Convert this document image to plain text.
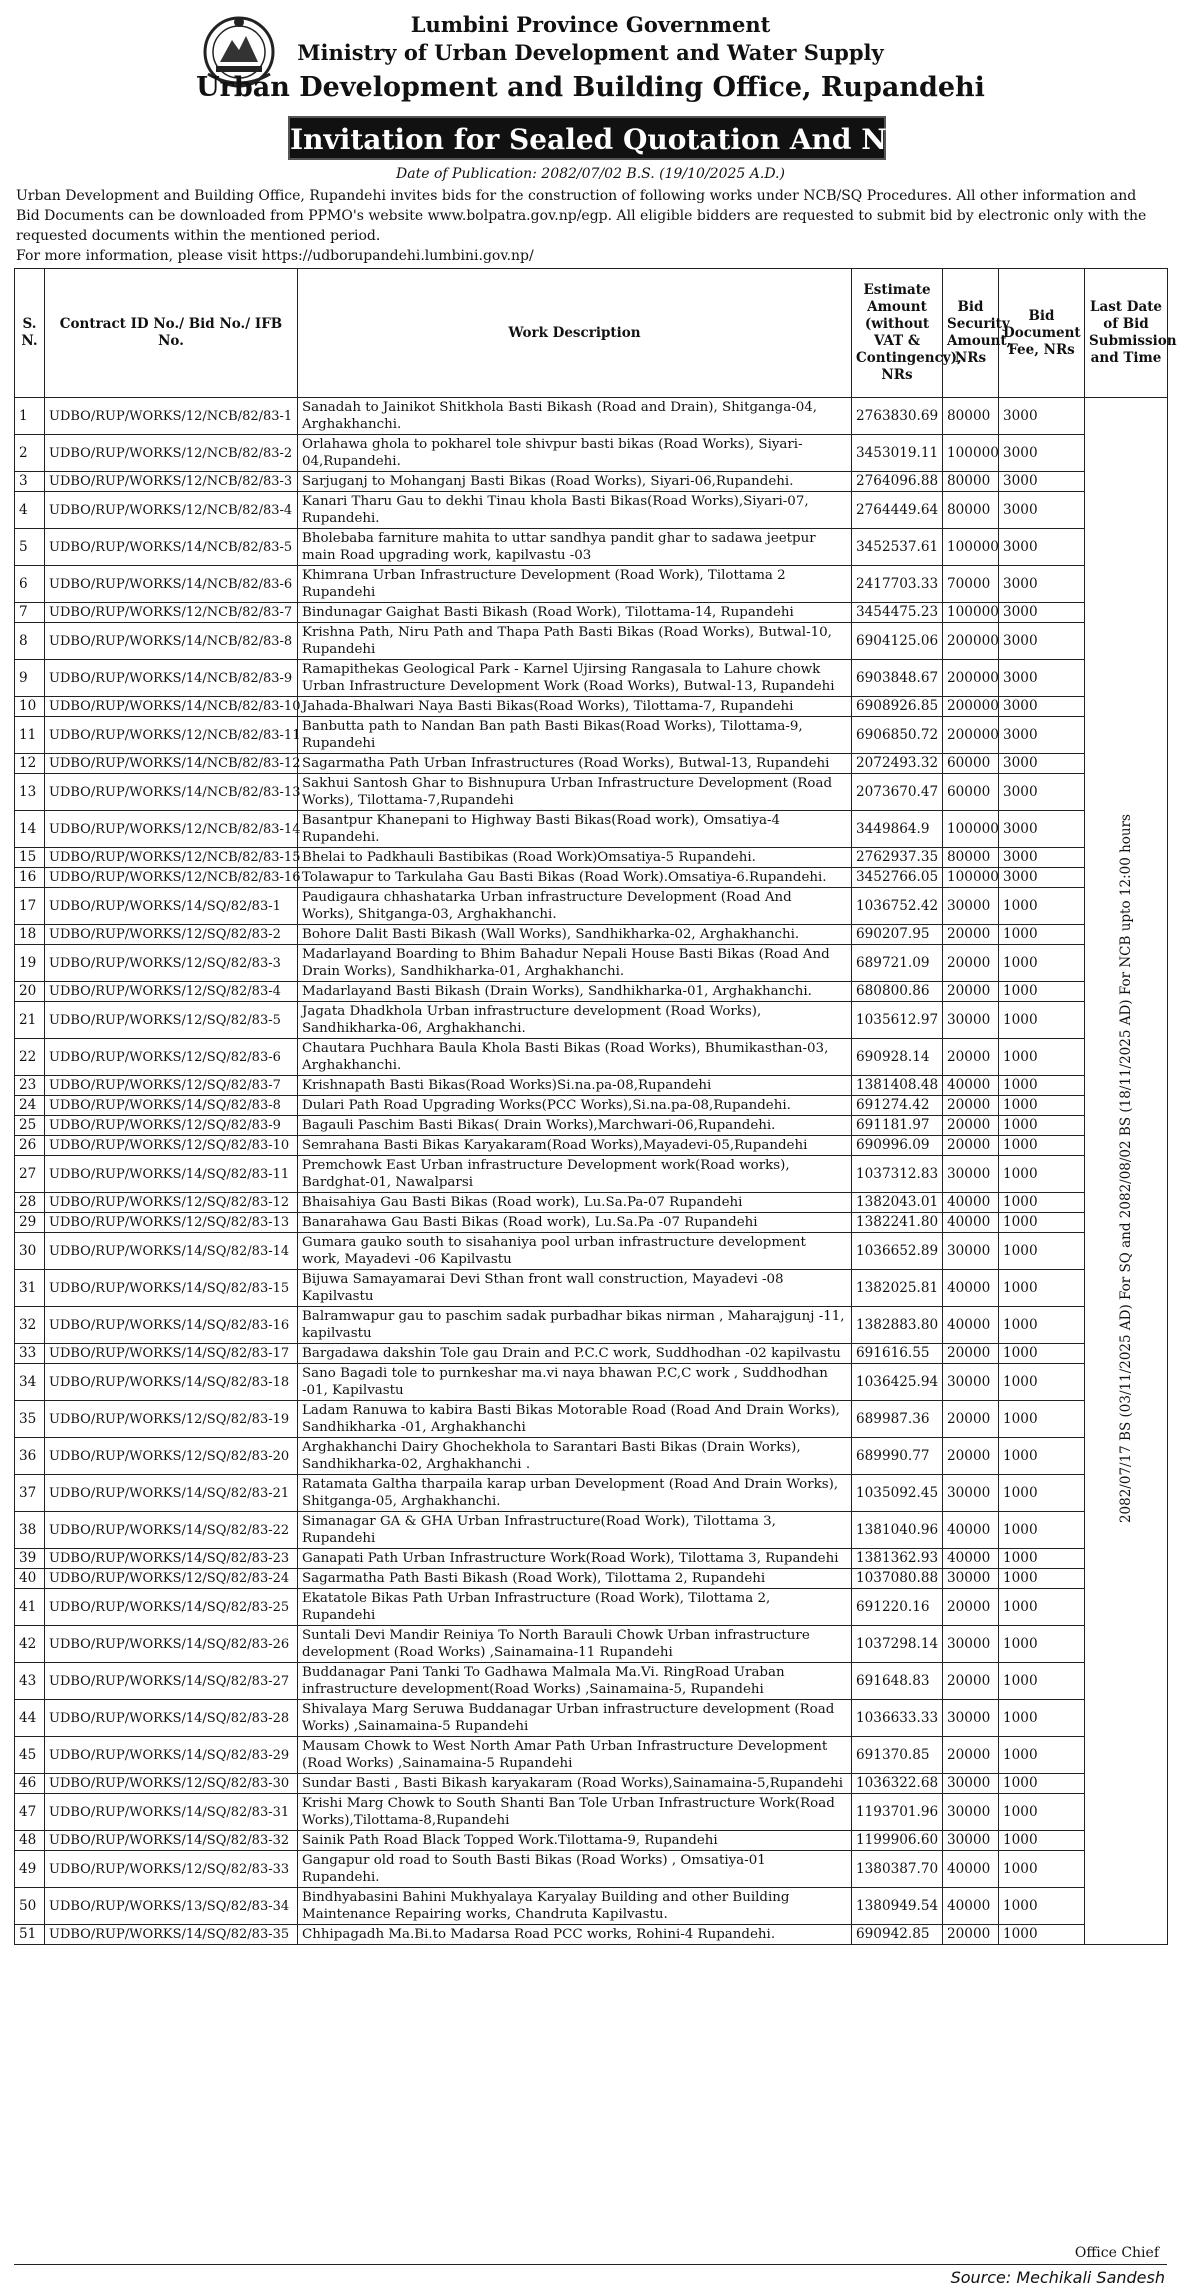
Lumbini Province Government
Ministry of Urban Development and Water Supply
Urban Development and Building Office, Rupandehi
Invitation for Sealed Quotation And NCB
Date of Publication: 2082/07/02 B.S. (19/10/2025 A.D.)

Urban Development and Building Office, Rupandehi invites bids for the construction of following works under NCB/SQ Procedures. All other information and Bid Documents can be downloaded from PPMO's website www.bolpatra.gov.np/egp. All eligible bidders are requested to submit bid by electronic only with the requested documents within the mentioned period.

For more information, please visit https://udborupandehi.lumbini.gov.np/

S. N.	Contract ID No./ Bid No./ IFB No.	Work Description	Estimate Amount (without VAT & Contingency), NRs	Bid Security Amount, NRs	Bid Document Fee, NRs	Last Date of Bid Submission and Time
1	UDBO/RUP/WORKS/12/NCB/82/83-1	Sanadah to Jainikot Shitkhola Basti Bikash (Road and Drain), Shitganga-04, Arghakhanchi.	2763830.69	80000	3000	2082/07/17 BS (03/11/2025 AD) For SQ and 2082/08/02 BS (18/11/2025 AD) For NCB upto 12:00 hours
2	UDBO/RUP/WORKS/12/NCB/82/83-2	Orlahawa ghola to pokharel tole shivpur basti bikas (Road Works), Siyari-04,Rupandehi.	3453019.11	100000	3000	
3	UDBO/RUP/WORKS/12/NCB/82/83-3	Sarjuganj to Mohanganj Basti Bikas (Road Works), Siyari-06,Rupandehi.	2764096.88	80000	3000	
4	UDBO/RUP/WORKS/12/NCB/82/83-4	Kanari Tharu Gau to dekhi Tinau khola Basti Bikas(Road Works),Siyari-07, Rupandehi.	2764449.64	80000	3000	
5	UDBO/RUP/WORKS/14/NCB/82/83-5	Bholebaba farniture mahita to uttar sandhya pandit ghar to sadawa jeetpur main Road upgrading work, kapilvastu -03	3452537.61	100000	3000	
6	UDBO/RUP/WORKS/14/NCB/82/83-6	Khimrana Urban Infrastructure Development (Road Work), Tilottama 2 Rupandehi	2417703.33	70000	3000	
7	UDBO/RUP/WORKS/12/NCB/82/83-7	Bindunagar Gaighat Basti Bikash (Road Work), Tilottama-14, Rupandehi	3454475.23	100000	3000	
8	UDBO/RUP/WORKS/14/NCB/82/83-8	Krishna Path, Niru Path and Thapa Path Basti Bikas (Road Works), Butwal-10, Rupandehi	6904125.06	200000	3000	
9	UDBO/RUP/WORKS/14/NCB/82/83-9	Ramapithekas Geological Park - Karnel Ujirsing Rangasala to Lahure chowk Urban Infrastructure Development Work (Road Works), Butwal-13, Rupandehi	6903848.67	200000	3000	
10	UDBO/RUP/WORKS/14/NCB/82/83-10	Jahada-Bhalwari Naya Basti Bikas(Road Works), Tilottama-7, Rupandehi	6908926.85	200000	3000	
11	UDBO/RUP/WORKS/12/NCB/82/83-11	Banbutta path to Nandan Ban path Basti Bikas(Road Works), Tilottama-9, Rupandehi	6906850.72	200000	3000	
12	UDBO/RUP/WORKS/14/NCB/82/83-12	Sagarmatha Path Urban Infrastructures (Road Works), Butwal-13, Rupandehi	2072493.32	60000	3000	
13	UDBO/RUP/WORKS/14/NCB/82/83-13	Sakhui Santosh Ghar to Bishnupura Urban Infrastructure Development (Road Works), Tilottama-7,Rupandehi	2073670.47	60000	3000	
14	UDBO/RUP/WORKS/12/NCB/82/83-14	Basantpur Khanepani to Highway Basti Bikas(Road work), Omsatiya-4 Rupandehi.	3449864.9	100000	3000	
15	UDBO/RUP/WORKS/12/NCB/82/83-15	Bhelai to Padkhauli Bastibikas (Road Work)Omsatiya-5 Rupandehi.	2762937.35	80000	3000	
16	UDBO/RUP/WORKS/12/NCB/82/83-16	Tolawapur to Tarkulaha Gau Basti Bikas (Road Work).Omsatiya-6.Rupandehi.	3452766.05	100000	3000	
17	UDBO/RUP/WORKS/14/SQ/82/83-1	Paudigaura chhashatarka Urban infrastructure Development (Road And Works), Shitganga-03, Arghakhanchi.	1036752.42	30000	1000	
18	UDBO/RUP/WORKS/12/SQ/82/83-2	Bohore Dalit Basti Bikash (Wall Works), Sandhikharka-02, Arghakhanchi.	690207.95	20000	1000	
19	UDBO/RUP/WORKS/12/SQ/82/83-3	Madarlayand Boarding to Bhim Bahadur Nepali House Basti Bikas (Road And Drain Works), Sandhikharka-01, Arghakhanchi.	689721.09	20000	1000	
20	UDBO/RUP/WORKS/12/SQ/82/83-4	Madarlayand Basti Bikash (Drain Works), Sandhikharka-01, Arghakhanchi.	680800.86	20000	1000	
21	UDBO/RUP/WORKS/12/SQ/82/83-5	Jagata Dhadkhola Urban infrastructure development (Road Works), Sandhikharka-06, Arghakhanchi.	1035612.97	30000	1000	
22	UDBO/RUP/WORKS/12/SQ/82/83-6	Chautara Puchhara Baula Khola Basti Bikas (Road Works), Bhumikasthan-03, Arghakhanchi.	690928.14	20000	1000	
23	UDBO/RUP/WORKS/12/SQ/82/83-7	Krishnapath Basti Bikas(Road Works)Si.na.pa-08,Rupandehi	1381408.48	40000	1000	
24	UDBO/RUP/WORKS/14/SQ/82/83-8	Dulari Path Road Upgrading Works(PCC Works),Si.na.pa-08,Rupandehi.	691274.42	20000	1000	
25	UDBO/RUP/WORKS/12/SQ/82/83-9	Bagauli Paschim Basti Bikas( Drain Works),Marchwari-06,Rupandehi.	691181.97	20000	1000	
26	UDBO/RUP/WORKS/12/SQ/82/83-10	Semrahana Basti Bikas Karyakaram(Road Works),Mayadevi-05,Rupandehi	690996.09	20000	1000	
27	UDBO/RUP/WORKS/14/SQ/82/83-11	Premchowk East Urban infrastructure Development work(Road works), Bardghat-01, Nawalparsi	1037312.83	30000	1000	
28	UDBO/RUP/WORKS/12/SQ/82/83-12	Bhaisahiya Gau Basti Bikas (Road work), Lu.Sa.Pa-07 Rupandehi	1382043.01	40000	1000	
29	UDBO/RUP/WORKS/12/SQ/82/83-13	Banarahawa Gau Basti Bikas (Road work), Lu.Sa.Pa -07 Rupandehi	1382241.80	40000	1000	
30	UDBO/RUP/WORKS/14/SQ/82/83-14	Gumara gauko south to sisahaniya pool urban infrastructure development work, Mayadevi -06 Kapilvastu	1036652.89	30000	1000	
31	UDBO/RUP/WORKS/14/SQ/82/83-15	Bijuwa Samayamarai Devi Sthan front wall construction, Mayadevi -08 Kapilvastu	1382025.81	40000	1000	
32	UDBO/RUP/WORKS/14/SQ/82/83-16	Balramwapur gau to paschim sadak purbadhar bikas nirman , Maharajgunj -11, kapilvastu	1382883.80	40000	1000	
33	UDBO/RUP/WORKS/14/SQ/82/83-17	Bargadawa dakshin Tole gau Drain and P.C.C work, Suddhodhan -02 kapilvastu	691616.55	20000	1000	
34	UDBO/RUP/WORKS/14/SQ/82/83-18	Sano Bagadi tole to purnkeshar ma.vi naya bhawan P.C,C work , Suddhodhan -01, Kapilvastu	1036425.94	30000	1000	
35	UDBO/RUP/WORKS/12/SQ/82/83-19	Ladam Ranuwa to kabira Basti Bikas Motorable Road (Road And Drain Works), Sandhikharka -01, Arghakhanchi	689987.36	20000	1000	
36	UDBO/RUP/WORKS/12/SQ/82/83-20	Arghakhanchi Dairy Ghochekhola to Sarantari Basti Bikas (Drain Works), Sandhikharka-02, Arghakhanchi .	689990.77	20000	1000	
37	UDBO/RUP/WORKS/14/SQ/82/83-21	Ratamata Galtha tharpaila karap urban Development (Road And Drain Works), Shitganga-05, Arghakhanchi.	1035092.45	30000	1000	
38	UDBO/RUP/WORKS/14/SQ/82/83-22	Simanagar GA & GHA Urban Infrastructure(Road Work), Tilottama 3, Rupandehi	1381040.96	40000	1000	
39	UDBO/RUP/WORKS/14/SQ/82/83-23	Ganapati Path Urban Infrastructure Work(Road Work), Tilottama 3, Rupandehi	1381362.93	40000	1000	
40	UDBO/RUP/WORKS/12/SQ/82/83-24	Sagarmatha Path Basti Bikash (Road Work), Tilottama 2, Rupandehi	1037080.88	30000	1000	
41	UDBO/RUP/WORKS/14/SQ/82/83-25	Ekatatole Bikas Path Urban Infrastructure (Road Work), Tilottama 2, Rupandehi	691220.16	20000	1000	
42	UDBO/RUP/WORKS/14/SQ/82/83-26	Suntali Devi Mandir Reiniya To North Barauli Chowk Urban infrastructure development (Road Works) ,Sainamaina-11 Rupandehi	1037298.14	30000	1000	
43	UDBO/RUP/WORKS/14/SQ/82/83-27	Buddanagar Pani Tanki To Gadhawa Malmala Ma.Vi. RingRoad Uraban infrastructure development(Road Works) ,Sainamaina-5, Rupandehi	691648.83	20000	1000	
44	UDBO/RUP/WORKS/14/SQ/82/83-28	Shivalaya Marg Seruwa Buddanagar Urban infrastructure development (Road Works) ,Sainamaina-5 Rupandehi	1036633.33	30000	1000	
45	UDBO/RUP/WORKS/14/SQ/82/83-29	Mausam Chowk to West North Amar Path Urban Infrastructure Development (Road Works) ,Sainamaina-5 Rupandehi	691370.85	20000	1000	
46	UDBO/RUP/WORKS/12/SQ/82/83-30	Sundar Basti , Basti Bikash karyakaram (Road Works),Sainamaina-5,Rupandehi	1036322.68	30000	1000	
47	UDBO/RUP/WORKS/14/SQ/82/83-31	Krishi Marg Chowk to South Shanti Ban Tole Urban Infrastructure Work(Road Works),Tilottama-8,Rupandehi	1193701.96	30000	1000	
48	UDBO/RUP/WORKS/14/SQ/82/83-32	Sainik Path Road Black Topped Work.Tilottama-9, Rupandehi	1199906.60	30000	1000	
49	UDBO/RUP/WORKS/12/SQ/82/83-33	Gangapur old road to South Basti Bikas (Road Works) , Omsatiya-01 Rupandehi.	1380387.70	40000	1000	
50	UDBO/RUP/WORKS/13/SQ/82/83-34	Bindhyabasini Bahini Mukhyalaya Karyalay Building and other Building Maintenance Repairing works, Chandruta Kapilvastu.	1380949.54	40000	1000	
51	UDBO/RUP/WORKS/14/SQ/82/83-35	Chhipagadh Ma.Bi.to Madarsa Road PCC works, Rohini-4 Rupandehi.	690942.85	20000	1000	
Office Chief
Source: Mechikali Sandesh
